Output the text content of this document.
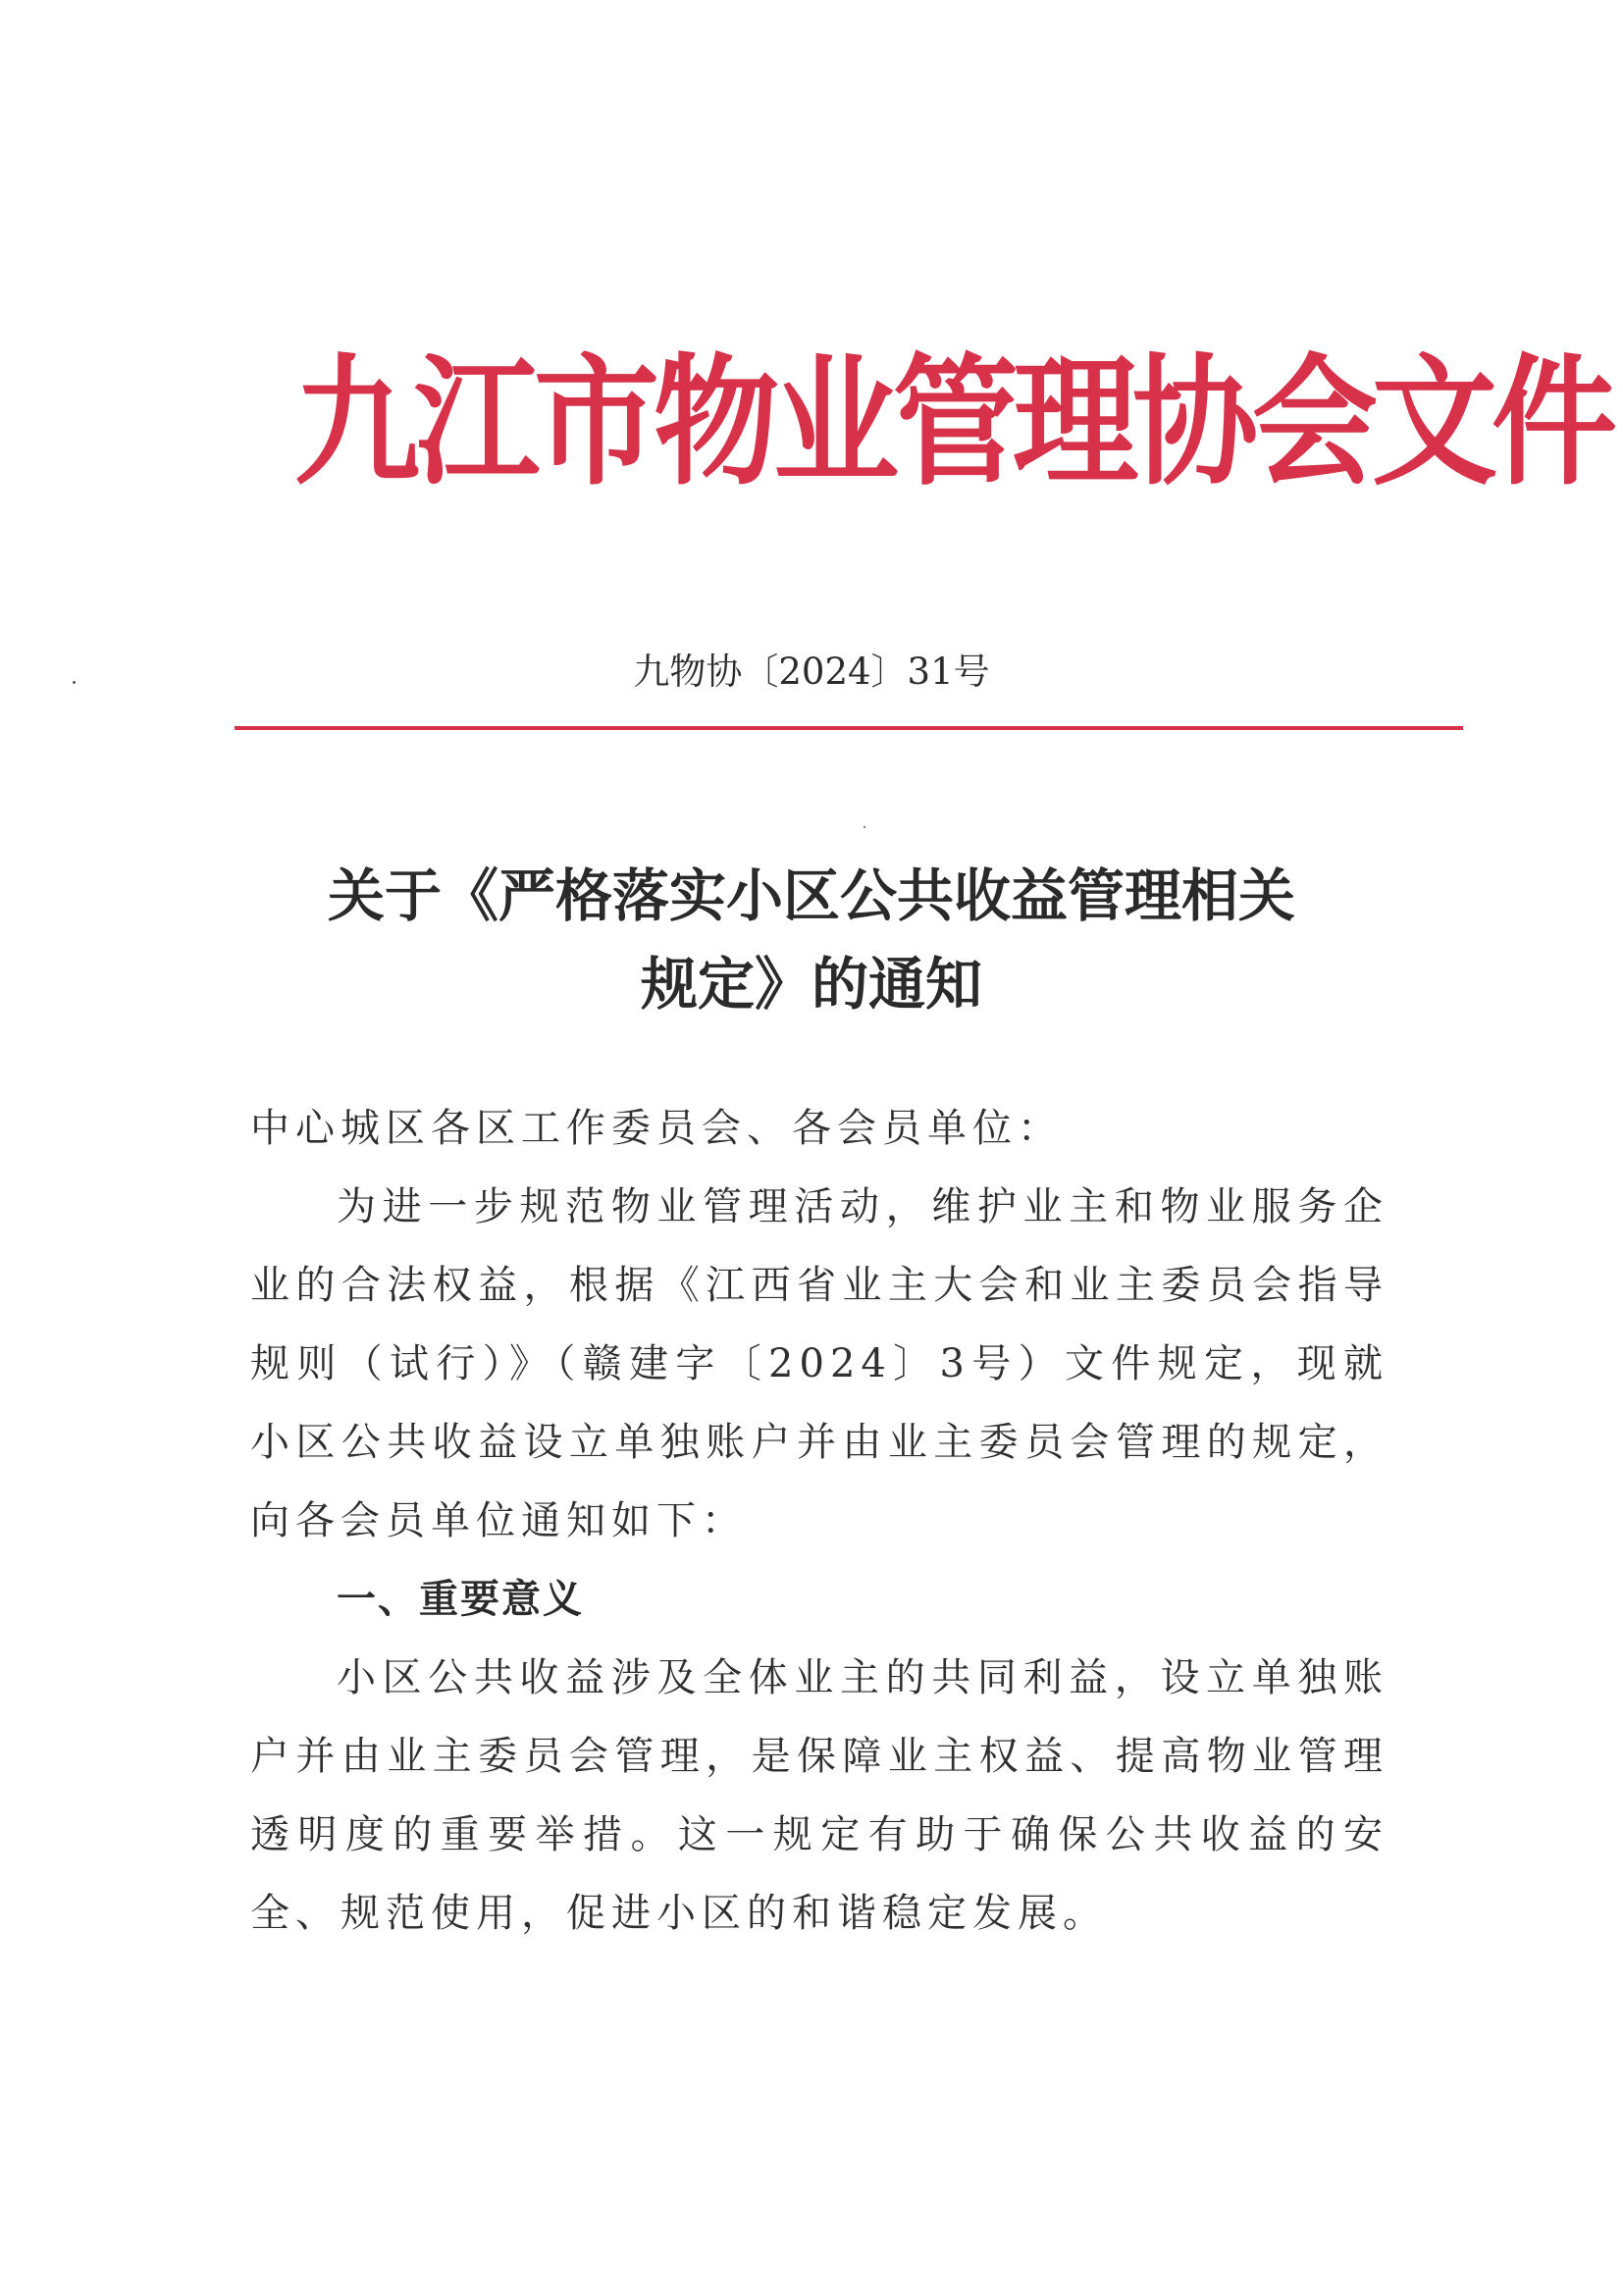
九江市物业管理协会文件
九物协〔2024〕31号
关于《严格落实小区公共收益管理相关
规定》的通知

中心城区各区工作委员会、各会员单位：

为进一步规范物业管理活动，维护业主和物业服务企业的合法权益，根据《江西省业主大会和业主委员会指导规则（试行）》（赣建字〔2024〕3号）文件规定，现就小区公共收益设立单独账户并由业主委员会管理的规定，向各会员单位通知如下：

一、重要意义

小区公共收益涉及全体业主的共同利益，设立单独账户并由业主委员会管理，是保障业主权益、提高物业管理透明度的重要举措。这一规定有助于确保公共收益的安全、规范使用，促进小区的和谐稳定发展。
